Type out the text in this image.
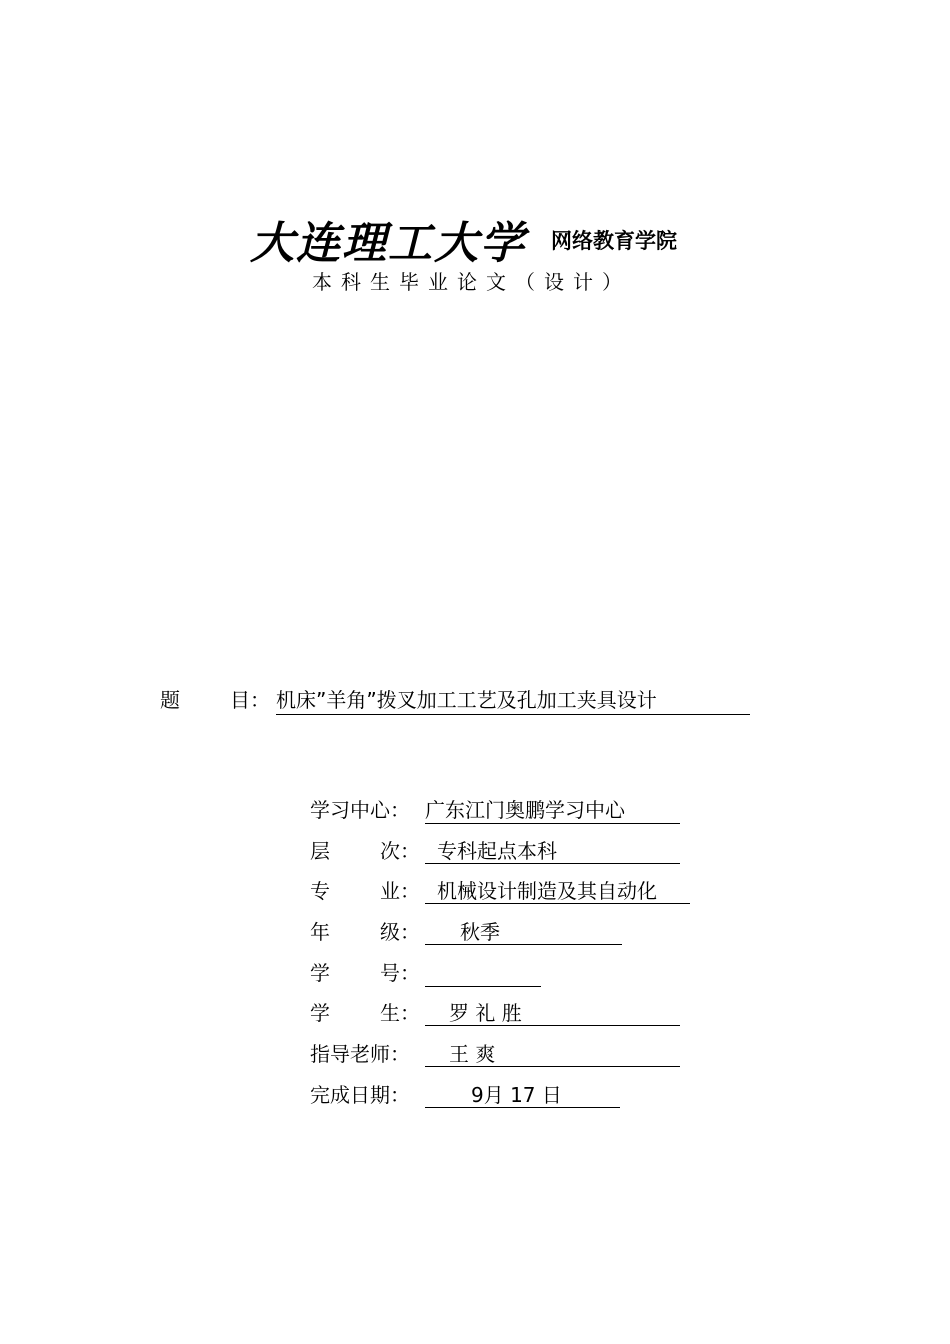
大连理工大学 网络教育学院
本科生毕业论文（设计）
题	目： 机床”羊角”拨叉加工工艺及孔加工夹具设计
学习中心： 广东江门奥鹏学习中心
层	次： 专科起点本科
专	业： 机械设计制造及其自动化
年	级：	秋季
学	号：
学	生：	罗 礼 胜
指导老师：	王 爽
完成日期：	9月 17 日
